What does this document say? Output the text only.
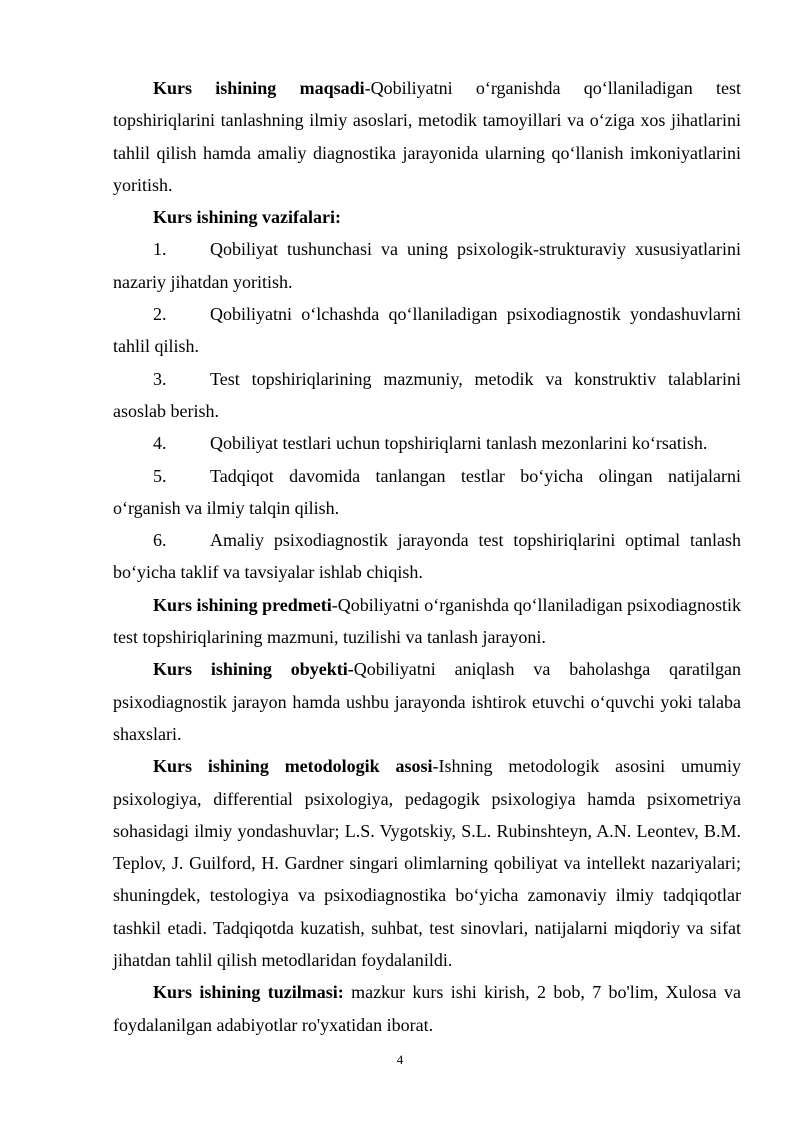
Kurs ishining maqsadi-Qobiliyatni o‘rganishda qo‘llaniladigan test topshiriqlarini tanlashning ilmiy asoslari, metodik tamoyillari va o‘ziga xos jihatlarini tahlil qilish hamda amaliy diagnostika jarayonida ularning qo‘llanish imkoniyatlarini yoritish.

Kurs ishining vazifalari:

1. Qobiliyat tushunchasi va uning psixologik-strukturaviy xususiyatlarini nazariy jihatdan yoritish.

2. Qobiliyatni o‘lchashda qo‘llaniladigan psixodiagnostik yondashuvlarni tahlil qilish.

3. Test topshiriqlarining mazmuniy, metodik va konstruktiv talablarini asoslab berish.

4. Qobiliyat testlari uchun topshiriqlarni tanlash mezonlarini ko‘rsatish.

5. Tadqiqot davomida tanlangan testlar bo‘yicha olingan natijalarni o‘rganish va ilmiy talqin qilish.

6. Amaliy psixodiagnostik jarayonda test topshiriqlarini optimal tanlash bo‘yicha taklif va tavsiyalar ishlab chiqish.

Kurs ishining predmeti-Qobiliyatni o‘rganishda qo‘llaniladigan psixodiagnostik test topshiriqlarining mazmuni, tuzilishi va tanlash jarayoni.

Kurs ishining obyekti-Qobiliyatni aniqlash va baholashga qaratilgan psixodiagnostik jarayon hamda ushbu jarayonda ishtirok etuvchi o‘quvchi yoki talaba shaxslari.

Kurs ishining metodologik asosi-Ishning metodologik asosini umumiy psixologiya, differential psixologiya, pedagogik psixologiya hamda psixometriya sohasidagi ilmiy yondashuvlar; L.S. Vygotskiy, S.L. Rubinshteyn, A.N. Leontev, B.M. Teplov, J. Guilford, H. Gardner singari olimlarning qobiliyat va intellekt nazariyalari; shuningdek, testologiya va psixodiagnostika bo‘yicha zamonaviy ilmiy tadqiqotlar tashkil etadi. Tadqiqotda kuzatish, suhbat, test sinovlari, natijalarni miqdoriy va sifat jihatdan tahlil qilish metodlaridan foydalanildi.

Kurs ishining tuzilmasi: mazkur kurs ishi kirish, 2 bob, 7 bo'lim, Xulosa va foydalanilgan adabiyotlar ro'yxatidan iborat.

4
